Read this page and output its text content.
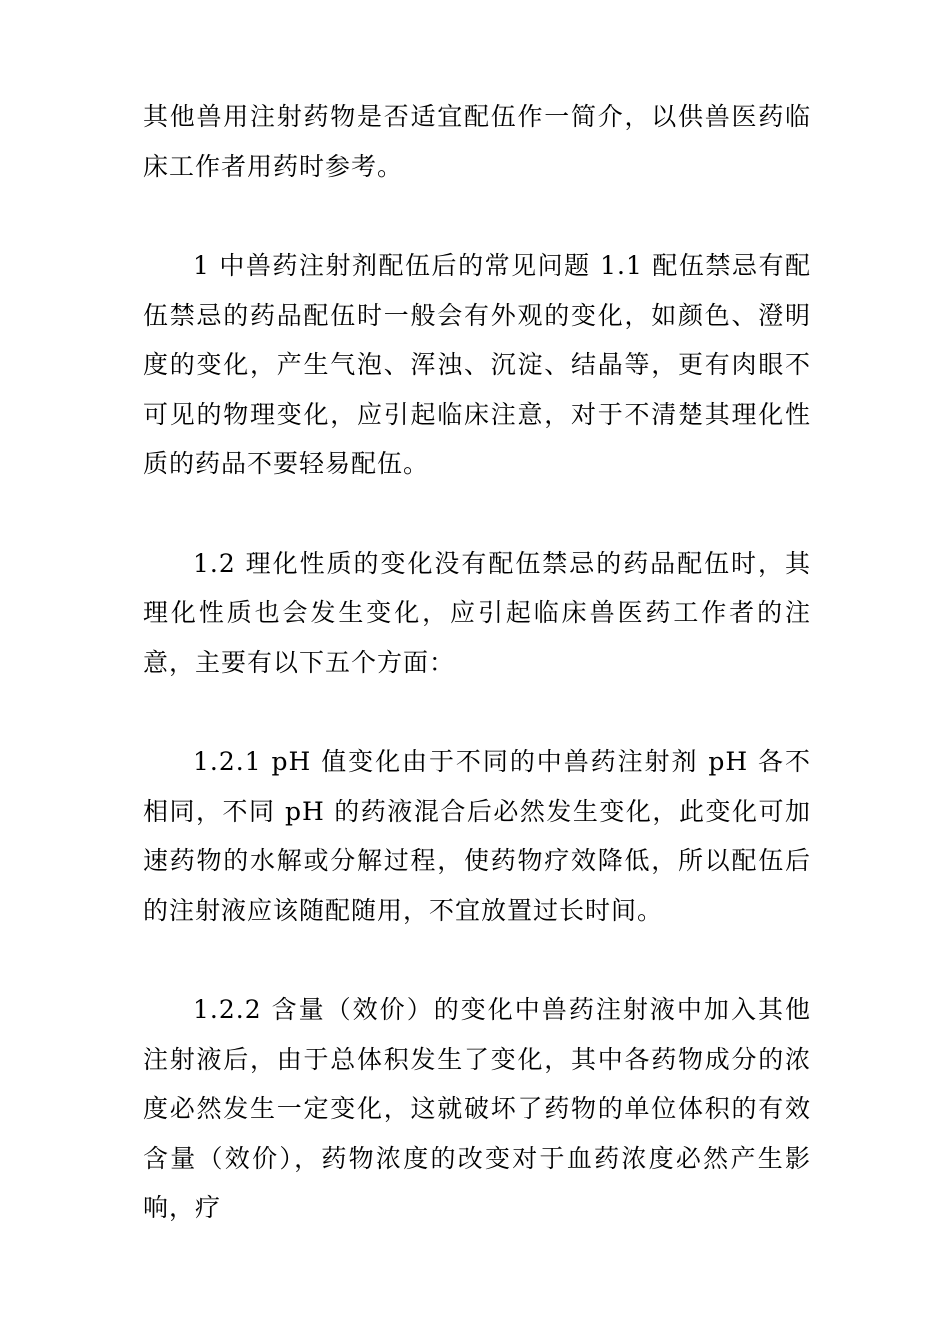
其他兽用注射药物是否适宜配伍作一简介，以供兽医药临床工作者用药时参考。

1 中兽药注射剂配伍后的常见问题 1.1 配伍禁忌有配伍禁忌的药品配伍时一般会有外观的变化，如颜色、澄明度的变化，产生气泡、浑浊、沉淀、结晶等，更有肉眼不可见的物理变化，应引起临床注意，对于不清楚其理化性质的药品不要轻易配伍。

1.2 理化性质的变化没有配伍禁忌的药品配伍时，其理化性质也会发生变化，应引起临床兽医药工作者的注意，主要有以下五个方面：

1.2.1 pH 值变化由于不同的中兽药注射剂 pH 各不相同，不同 pH 的药液混合后必然发生变化，此变化可加速药物的水解或分解过程，使药物疗效降低，所以配伍后的注射液应该随配随用，不宜放置过长时间。

1.2.2 含量（效价）的变化中兽药注射液中加入其他注射液后，由于总体积发生了变化，其中各药物成分的浓度必然发生一定变化，这就破坏了药物的单位体积的有效含量（效价），药物浓度的改变对于血药浓度必然产生影响，疗
